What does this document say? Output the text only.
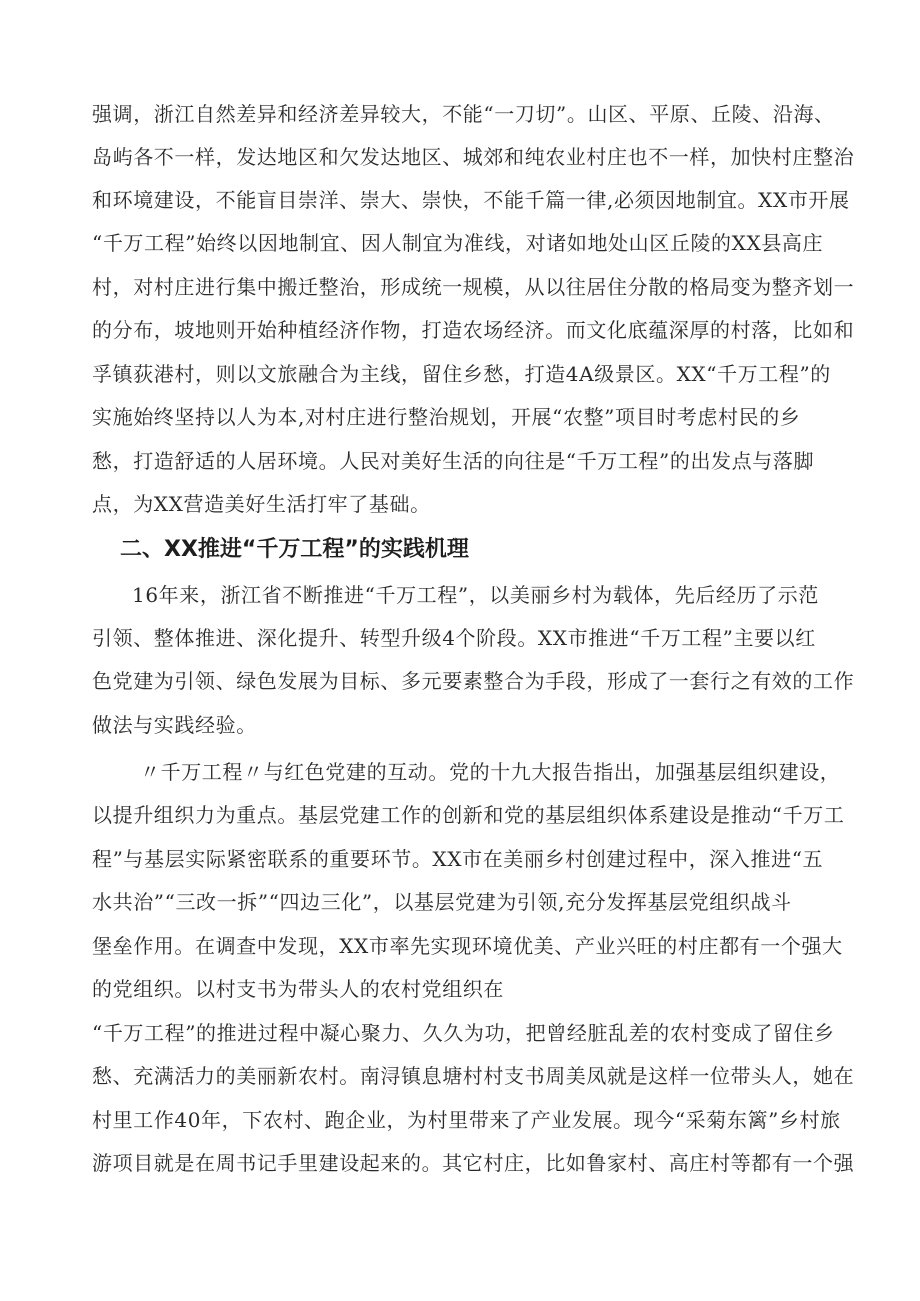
强调，浙江自然差异和经济差异较大，不能“一刀切”。山区、平原、丘陵、沿海、
岛屿各不一样，发达地区和欠发达地区、城郊和纯农业村庄也不一样，加快村庄整治
和环境建设，不能盲目崇洋、崇大、崇快，不能千篇一律,必须因地制宜。XX市开展
“千万工程”始终以因地制宜、因人制宜为准线，对诸如地处山区丘陵的XX县高庄
村，对村庄进行集中搬迁整治，形成统一规模，从以往居住分散的格局变为整齐划一
的分布，坡地则开始种植经济作物，打造农场经济。而文化底蕴深厚的村落，比如和
孚镇荻港村，则以文旅融合为主线，留住乡愁，打造4A级景区。XX“千万工程”的
实施始终坚持以人为本,对村庄进行整治规划，开展“农整”项目时考虑村民的乡
愁，打造舒适的人居环境。人民对美好生活的向往是“千万工程”的出发点与落脚
点，为XX营造美好生活打牢了基础。
二、XX推进“千万工程”的实践机理
16年来，浙江省不断推进“千万工程”，以美丽乡村为载体，先后经历了示范
引领、整体推进、深化提升、转型升级4个阶段。XX市推进“千万工程”主要以红
色党建为引领、绿色发展为目标、多元要素整合为手段，形成了一套行之有效的工作
做法与实践经验。
〃千万工程〃与红色党建的互动。党的十九大报告指出，加强基层组织建设，
以提升组织力为重点。基层党建工作的创新和党的基层组织体系建设是推动“千万工
程”与基层实际紧密联系的重要环节。XX市在美丽乡村创建过程中，深入推进“五
水共治”“三改一拆”“四边三化”，以基层党建为引领,充分发挥基层党组织战斗
堡垒作用。在调查中发现，XX市率先实现环境优美、产业兴旺的村庄都有一个强大
的党组织。以村支书为带头人的农村党组织在
“千万工程”的推进过程中凝心聚力、久久为功，把曾经脏乱差的农村变成了留住乡
愁、充满活力的美丽新农村。南浔镇息塘村村支书周美凤就是这样一位带头人，她在
村里工作40年，下农村、跑企业，为村里带来了产业发展。现今“采菊东篱”乡村旅
游项目就是在周书记手里建设起来的。其它村庄，比如鲁家村、高庄村等都有一个强
